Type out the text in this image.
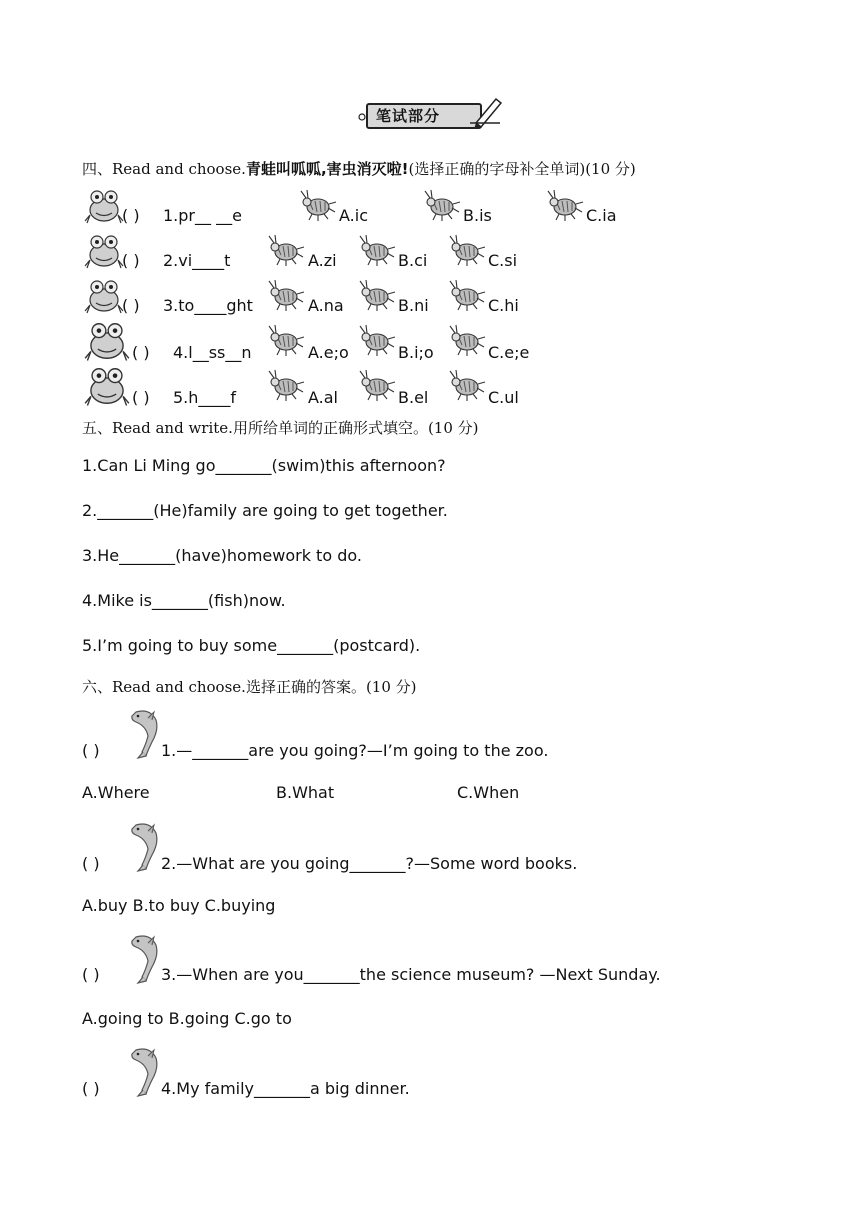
笔试部分
四、Read and choose.青蛙叫呱呱,害虫消灭啦!(选择正确的字母补全单词)(10 分)
( ) 1.pr__ __e	A.ic	B.is	C.ia
( ) 2.vi____t	A.zi	B.ci	C.si
( ) 3.to____ght	A.na	B.ni	C.hi
( ) 4.l__ss__n	A.e;o	B.i;o	C.e;e
( ) 5.h____f	A.al	B.el	C.ul
五、Read and write.用所给单词的正确形式填空。(10 分)
1.Can Li Ming go_______(swim)this afternoon?
2._______(He)family are going to get together.
3.He_______(have)homework to do.
4.Mike is_______(fish)now.
5.I’m going to buy some_______(postcard).
六、Read and choose.选择正确的答案。(10 分)
( )	1.—_______are you going?—I’m going to the zoo.
A.Where	B.What	C.When
( )	2.—What are you going_______?—Some word books.
A.buy B.to buy C.buying
( )	3.—When are you_______the science museum? —Next Sunday.
A.going to B.going C.go to
( )	4.My family_______a big dinner.
